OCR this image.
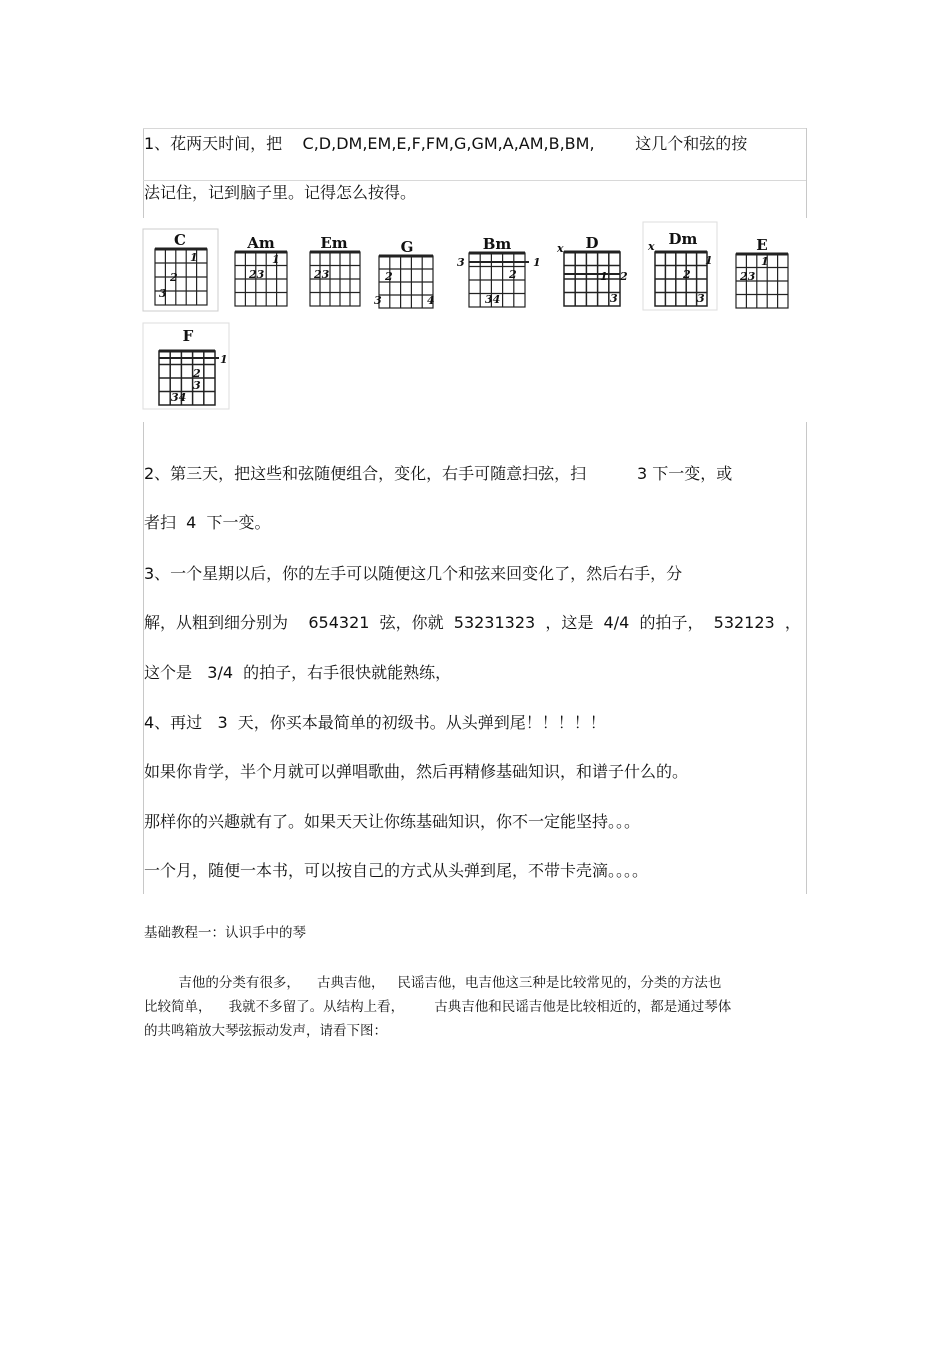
1、花两天时间，把    C,D,DM,EM,E,F,FM,G,GM,A,AM,B,BM,        这几个和弦的按

法记住，记到脑子里。记得怎么按得。

C
1
2
3
Am
1
23
Em
23
G
2
3	4
Bm
3	1
2
34
x D
1 2
3
x Dm
1
2
3
E
1
23
F
1
2
3
34

2、第三天，把这些和弦随便组合，变化，右手可随意扫弦，扫          3 下一变，或

者扫  4  下一变。

3、一个星期以后，你的左手可以随便这几个和弦来回变化了，然后右手，分

解，从粗到细分别为    654321  弦，你就  53231323  ，这是  4/4  的拍子，  532123  ，

这个是   3/4  的拍子，右手很快就能熟练，

4、再过   3  天，你买本最简单的初级书。从头弹到尾！！！！！

如果你肯学，半个月就可以弹唱歌曲，然后再精修基础知识，和谱子什么的。

那样你的兴趣就有了。如果天天让你练基础知识，你不一定能坚持。。。

一个月，随便一本书，可以按自己的方式从头弹到尾，不带卡壳滴。。。。

基础教程一：认识手中的琴

吉他的分类有很多，    古典吉他，   民谣吉他，电吉他这三种是比较常见的，分类的方法也

比较简单，    我就不多留了。从结构上看，       古典吉他和民谣吉他是比较相近的，都是通过琴体

的共鸣箱放大琴弦振动发声，请看下图：
